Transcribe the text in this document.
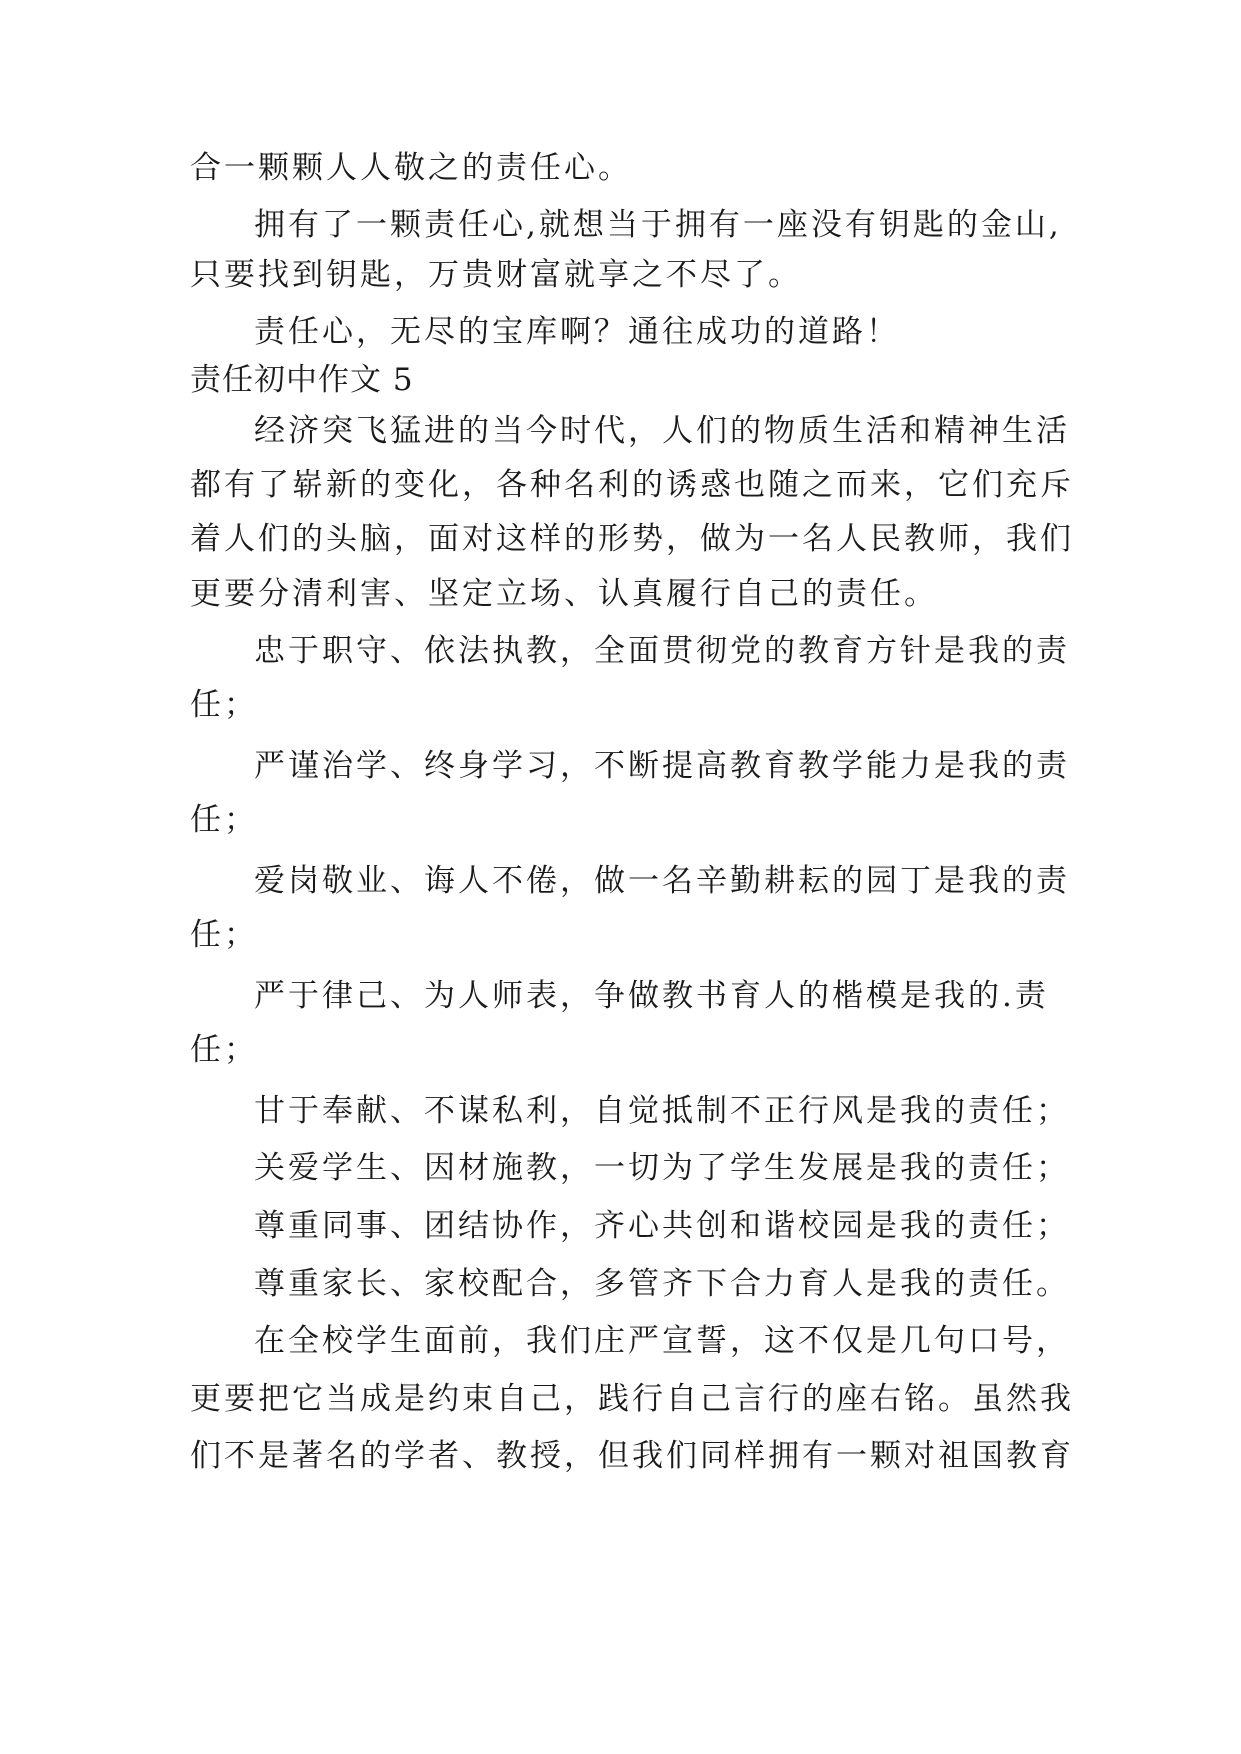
合一颗颗人人敬之的责任心。
拥有了一颗责任心,就想当于拥有一座没有钥匙的金山,
只要找到钥匙，万贵财富就享之不尽了。
责任心，无尽的宝库啊？通往成功的道路！
责任初中作文 5
经济突飞猛进的当今时代，人们的物质生活和精神生活
都有了崭新的变化，各种名利的诱惑也随之而来，它们充斥
着人们的头脑，面对这样的形势，做为一名人民教师，我们
更要分清利害、坚定立场、认真履行自己的责任。
忠于职守、依法执教，全面贯彻党的教育方针是我的责
任；
严谨治学、终身学习，不断提高教育教学能力是我的责
任；
爱岗敬业、诲人不倦，做一名辛勤耕耘的园丁是我的责
任；
严于律己、为人师表，争做教书育人的楷模是我的.责
任；
甘于奉献、不谋私利，自觉抵制不正行风是我的责任；
关爱学生、因材施教，一切为了学生发展是我的责任；
尊重同事、团结协作，齐心共创和谐校园是我的责任；
尊重家长、家校配合，多管齐下合力育人是我的责任。
在全校学生面前，我们庄严宣誓，这不仅是几句口号，
更要把它当成是约束自己，践行自己言行的座右铭。虽然我
们不是著名的学者、教授，但我们同样拥有一颗对祖国教育
